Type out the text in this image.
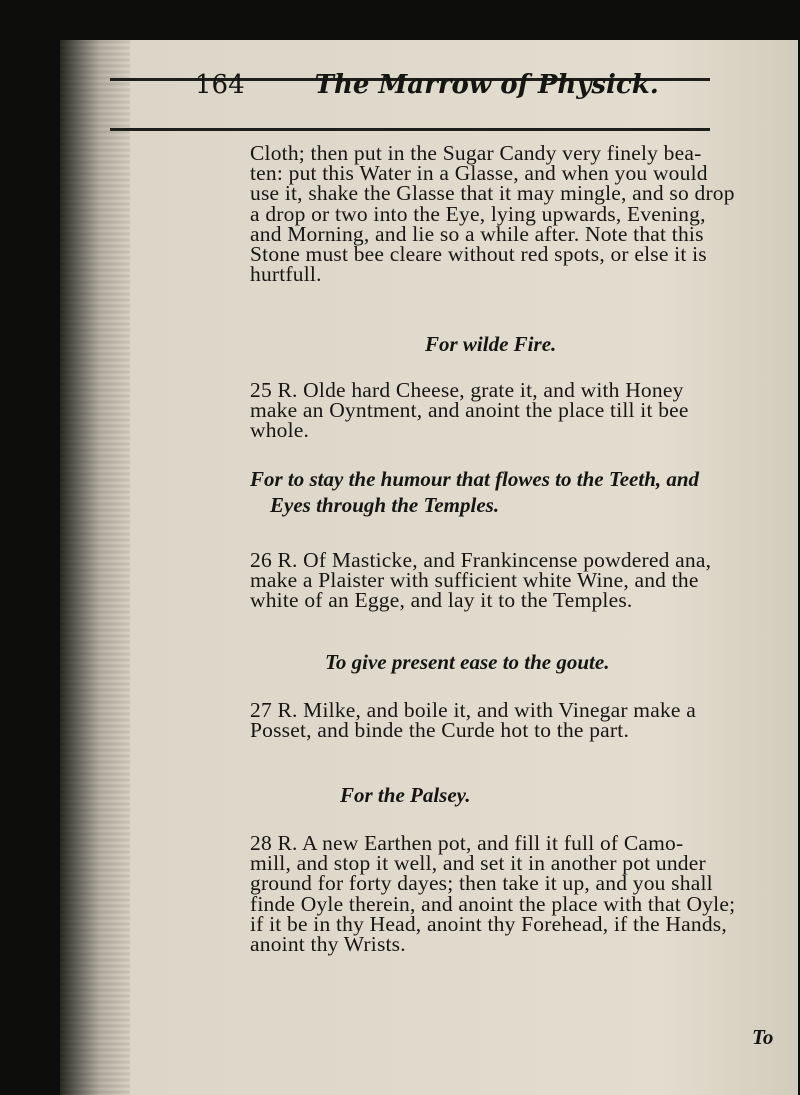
164	The Marrow of Physick.
Cloth; then put in the Sugar Candy very finely bea-
ten: put this Water in a Glasse, and when you would
use it, shake the Glasse that it may mingle, and so drop
a drop or two into the Eye, lying upwards, Evening,
and Morning, and lie so a while after. Note that this
Stone must bee cleare without red spots, or else it is
hurtfull.
For wilde Fire.
25 R. Olde hard Cheese, grate it, and with Honey
make an Oyntment, and anoint the place till it bee
whole.
For to stay the humour that flowes to the Teeth, and
Eyes through the Temples.
26 R. Of Masticke, and Frankincense powdered ana,
make a Plaister with sufficient white Wine, and the
white of an Egge, and lay it to the Temples.
To give present ease to the goute.
27 R. Milke, and boile it, and with Vinegar make a
Posset, and binde the Curde hot to the part.
For the Palsey.
28 R. A new Earthen pot, and fill it full of Camo-
mill, and stop it well, and set it in another pot under
ground for forty dayes; then take it up, and you shall
finde Oyle therein, and anoint the place with that Oyle;
if it be in thy Head, anoint thy Forehead, if the Hands,
anoint thy Wrists.
To
